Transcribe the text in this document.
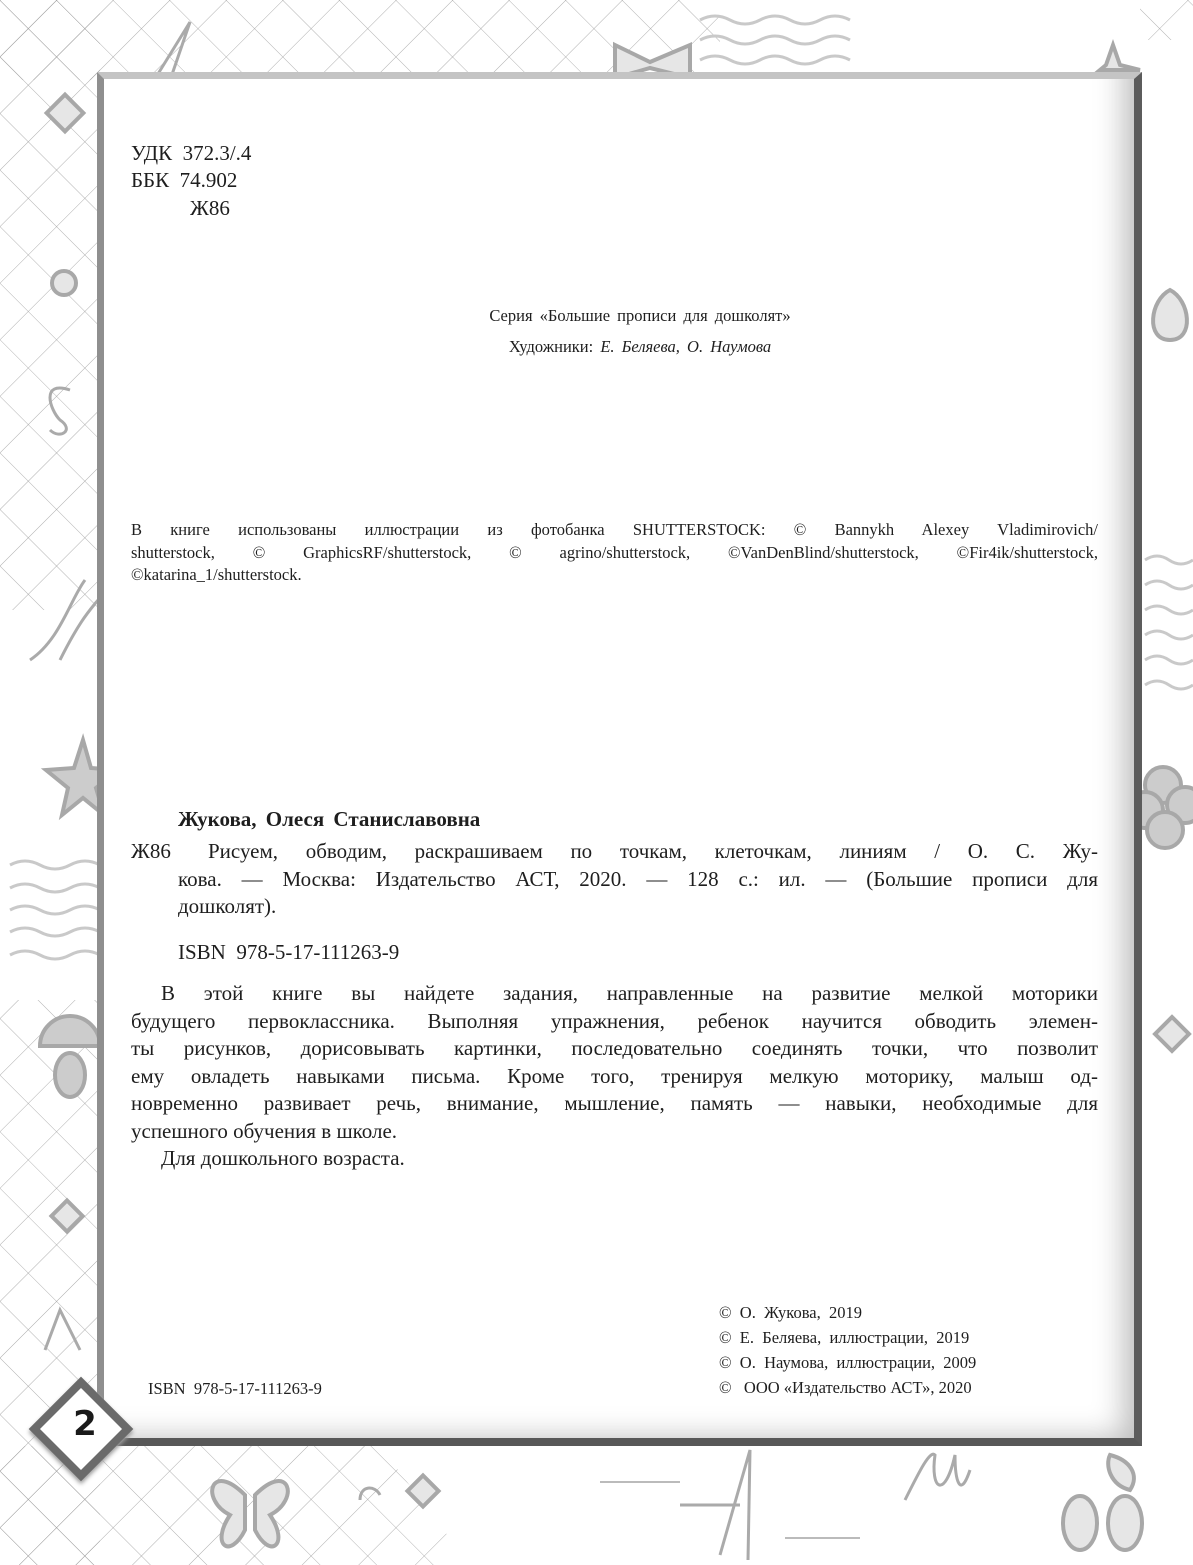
УДК 372.3/.4
ББК 74.902
Ж86
Серия «Большие прописи для дошколят»
Художники: Е. Беляева, О. Наумова
В книге использованы иллюстрации из фотобанка SHUTTERSTOCK: © Bannykh Alexey Vladimirovich/
shutterstock, © GraphicsRF/shutterstock, © agrino/shutterstock, ©VanDenBlind/shutterstock, ©Fir4ik/shutterstock,
©katarina_1/shutterstock.
Жукова, Олеся Станиславовна
Ж86	Рисуем, обводим, раскрашиваем по точкам, клеточкам, линиям / О. С. Жу-
кова. — Москва: Издательство АСТ, 2020. — 128 с.: ил. — (Большие прописи для
дошколят).
ISBN  978-5-17-111263-9
В этой книге вы найдете задания, направленные на развитие мелкой моторики
будущего первоклассника. Выполняя упражнения, ребенок научится обводить элемен-
ты рисунков, дорисовывать картинки, последовательно соединять точки, что позволит
ему овладеть навыками письма. Кроме того, тренируя мелкую моторику, малыш од-
новременно развивает речь, внимание, мышление, память — навыки, необходимые для
успешного обучения в школе.
Для дошкольного возраста.
ISBN  978-5-17-111263-9
©  О.  Жукова,  2019
©  Е.  Беляева,  иллюстрации,  2019
©  О.  Наумова,  иллюстрации,  2009
©   ООО «Издательство АСТ», 2020
2
